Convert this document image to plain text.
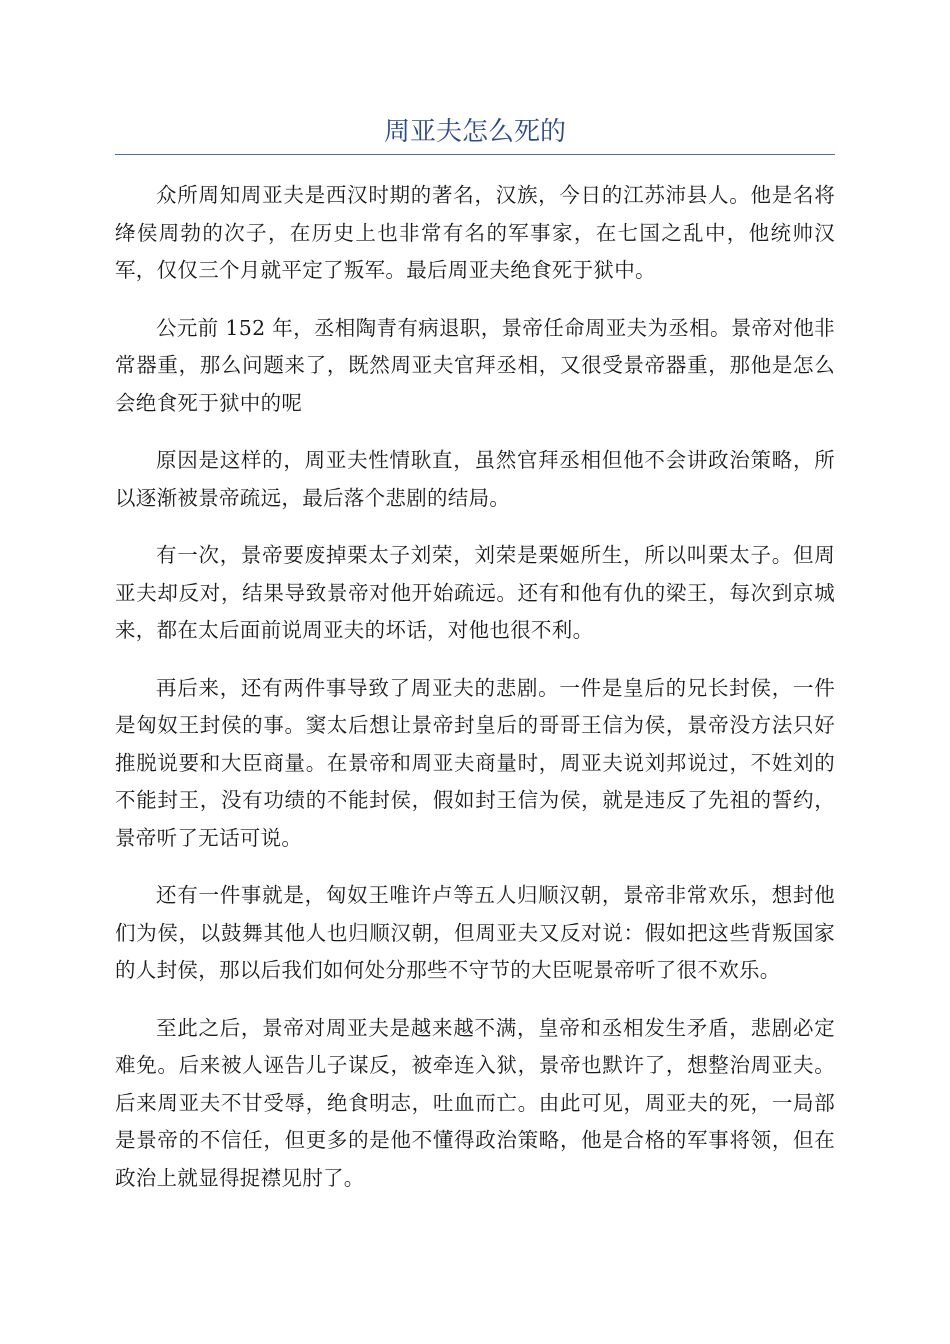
周亚夫怎么死的

众所周知周亚夫是西汉时期的著名，汉族，今日的江苏沛县人。他是名将绛侯周勃的次子，在历史上也非常有名的军事家，在七国之乱中，他统帅汉军，仅仅三个月就平定了叛军。最后周亚夫绝食死于狱中。

公元前 152 年，丞相陶青有病退职，景帝任命周亚夫为丞相。景帝对他非常器重，那么问题来了，既然周亚夫官拜丞相，又很受景帝器重，那他是怎么会绝食死于狱中的呢

原因是这样的，周亚夫性情耿直，虽然官拜丞相但他不会讲政治策略，所以逐渐被景帝疏远，最后落个悲剧的结局。

有一次，景帝要废掉栗太子刘荣，刘荣是栗姬所生，所以叫栗太子。但周亚夫却反对，结果导致景帝对他开始疏远。还有和他有仇的梁王，每次到京城来，都在太后面前说周亚夫的坏话，对他也很不利。

再后来，还有两件事导致了周亚夫的悲剧。一件是皇后的兄长封侯，一件是匈奴王封侯的事。窦太后想让景帝封皇后的哥哥王信为侯，景帝没方法只好推脱说要和大臣商量。在景帝和周亚夫商量时，周亚夫说刘邦说过，不姓刘的不能封王，没有功绩的不能封侯，假如封王信为侯，就是违反了先祖的誓约，景帝听了无话可说。

还有一件事就是，匈奴王唯许卢等五人归顺汉朝，景帝非常欢乐，想封他们为侯，以鼓舞其他人也归顺汉朝，但周亚夫又反对说：假如把这些背叛国家的人封侯，那以后我们如何处分那些不守节的大臣呢景帝听了很不欢乐。

至此之后，景帝对周亚夫是越来越不满，皇帝和丞相发生矛盾，悲剧必定难免。后来被人诬告儿子谋反，被牵连入狱，景帝也默许了，想整治周亚夫。后来周亚夫不甘受辱，绝食明志，吐血而亡。由此可见，周亚夫的死，一局部是景帝的不信任，但更多的是他不懂得政治策略，他是合格的军事将领，但在政治上就显得捉襟见肘了。
